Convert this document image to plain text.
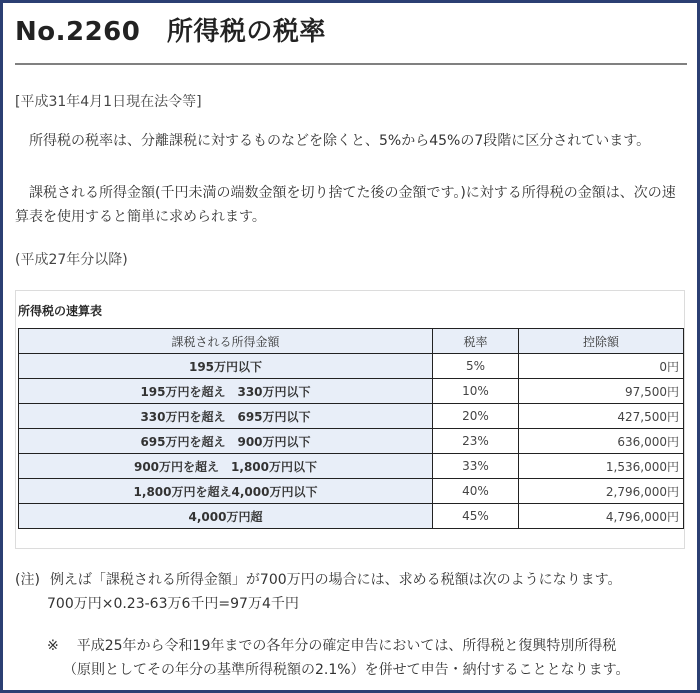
No.2260　所得税の税率
[平成31年4月1日現在法令等]

　所得税の税率は、分離課税に対するものなどを除くと、5%から45%の7段階に区分されています。

　課税される所得金額(千円未満の端数金額を切り捨てた後の金額です。)に対する所得税の金額は、次の速算表を使用すると簡単に求められます。

(平成27年分以降)
所得税の速算表
課税される所得金額	税率	控除額
195万円以下	5%	0円
195万円を超え　330万円以下	10%	97,500円
330万円を超え　695万円以下	20%	427,500円
695万円を超え　900万円以下	23%	636,000円
900万円を超え　1,800万円以下	33%	1,536,000円
1,800万円を超え4,000万円以下	40%	2,796,000円
4,000万円超	45%	4,796,000円
(注) 例えば「課税される所得金額」が700万円の場合には、求める税額は次のようになります。
700万円×0.23-63万6千円=97万4千円
※ 平成25年から令和19年までの各年分の確定申告においては、所得税と復興特別所得税
（原則としてその年分の基準所得税額の2.1%）を併せて申告・納付することとなります。
